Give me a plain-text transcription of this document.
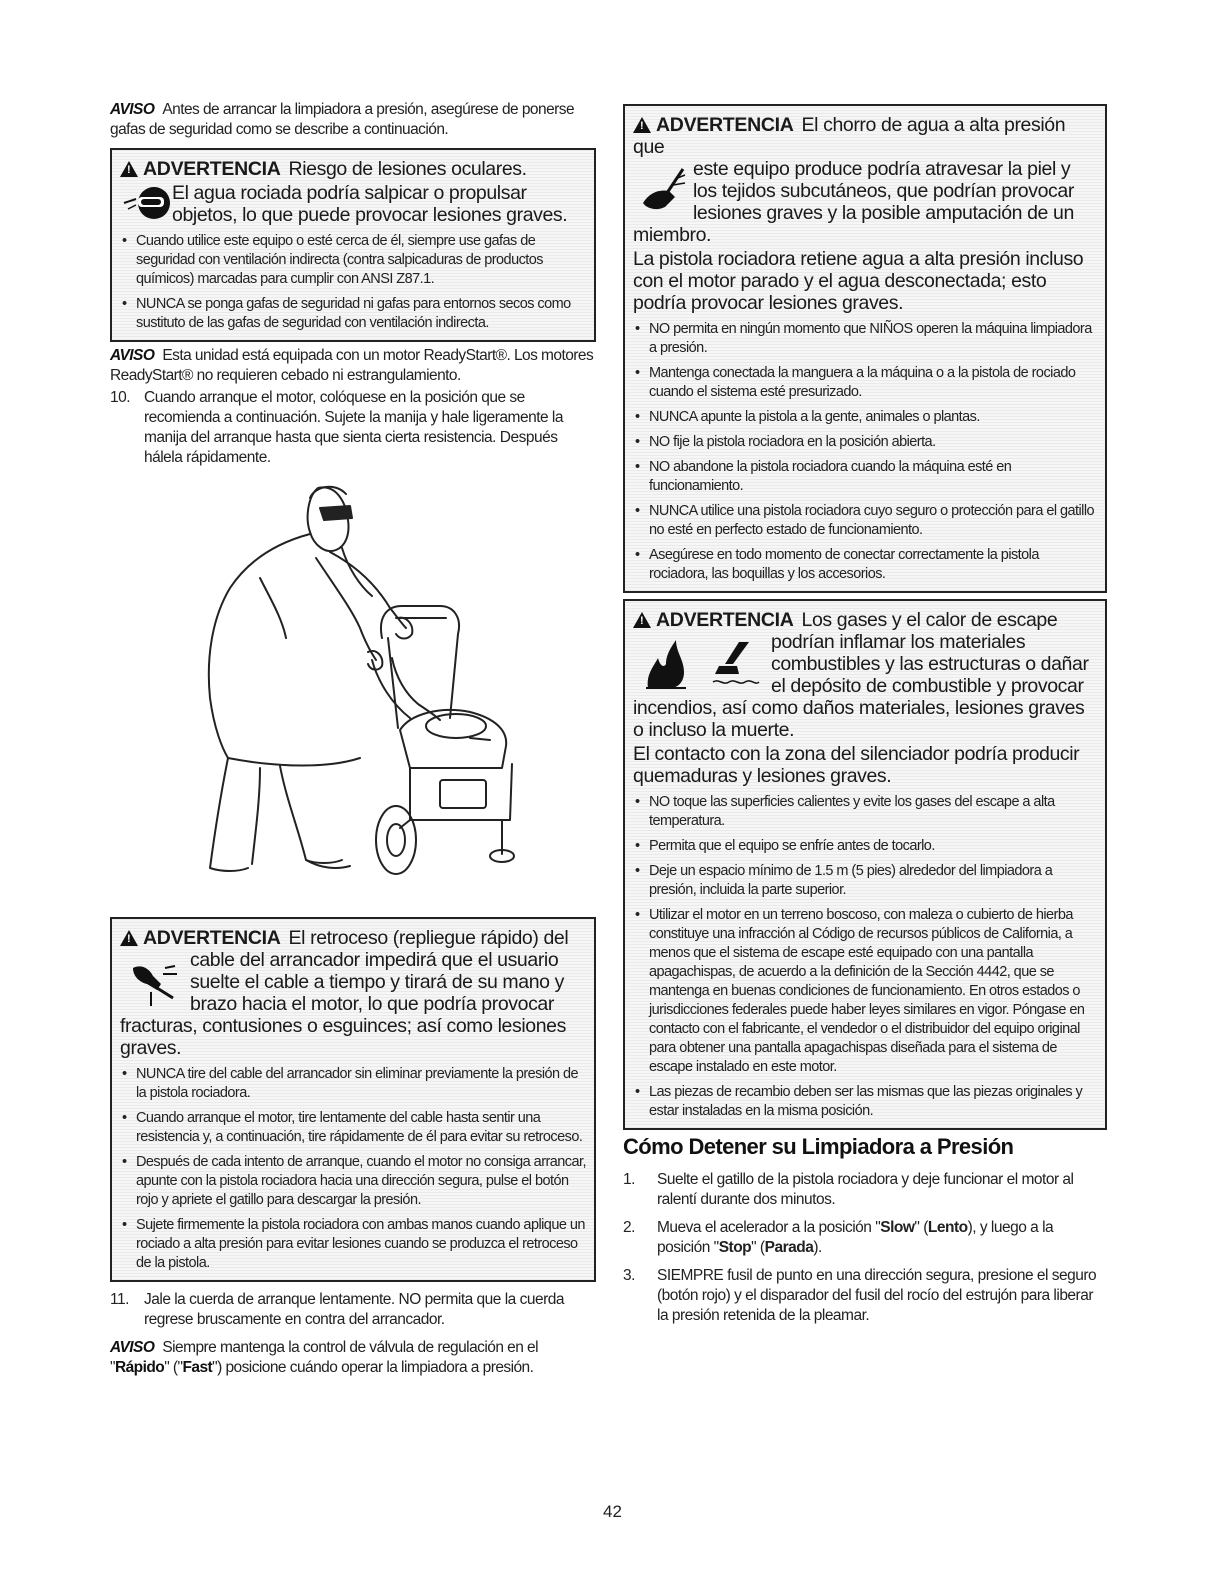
AVISO Antes de arrancar la limpiadora a presión, asegúrese de ponerse gafas de seguridad como se describe a continuación.

!ADVERTENCIA Riesgo de lesiones oculares.
El agua rociada podría salpicar o propulsar
objetos, lo que puede provocar lesiones graves.
• Cuando utilice este equipo o esté cerca de él, siempre use gafas de seguridad con ventilación indirecta (contra salpicaduras de productos químicos) marcadas para cumplir con ANSI Z87.1.
• NUNCA se ponga gafas de seguridad ni gafas para entornos secos como sustituto de las gafas de seguridad con ventilación indirecta.

AVISO Esta unidad está equipada con un motor ReadyStart®. Los motores ReadyStart® no requieren cebado ni estrangulamiento.

10. Cuando arranque el motor, colóquese en la posición que se recomienda a continuación. Sujete la manija y hale ligeramente la manija del arranque hasta que sienta cierta resistencia. Después hálela rápidamente.
!ADVERTENCIA El retroceso (repliegue rápido) del
cable del arrancador impedirá que el usuario
suelte el cable a tiempo y tirará de su mano y
brazo hacia el motor, lo que podría provocar
fracturas, contusiones o esguinces; así como lesiones graves.
• NUNCA tire del cable del arrancador sin eliminar previamente la presión de la pistola rociadora.
• Cuando arranque el motor, tire lentamente del cable hasta sentir una resistencia y, a continuación, tire rápidamente de él para evitar su retroceso.
• Después de cada intento de arranque, cuando el motor no consiga arrancar, apunte con la pistola rociadora hacia una dirección segura, pulse el botón rojo y apriete el gatillo para descargar la presión.
• Sujete firmemente la pistola rociadora con ambas manos cuando aplique un rociado a alta presión para evitar lesiones cuando se produzca el retroceso de la pistola.
11. Jale la cuerda de arranque lentamente. NO permita que la cuerda regrese bruscamente en contra del arrancador.

AVISO Siempre mantenga la control de válvula de regulación en el "Rápido" ("Fast") posicione cuándo operar la limpiadora a presión.

!ADVERTENCIA El chorro de agua a alta presión que
este equipo produce podría atravesar la piel y
los tejidos subcutáneos, que podrían provocar
lesiones graves y la posible amputación de un
miembro.
La pistola rociadora retiene agua a alta presión incluso con el motor parado y el agua desconectada; esto podría provocar lesiones graves.
• NO permita en ningún momento que NIÑOS operen la máquina limpiadora a presión.
• Mantenga conectada la manguera a la máquina o a la pistola de rociado cuando el sistema esté presurizado.
• NUNCA apunte la pistola a la gente, animales o plantas.
• NO fije la pistola rociadora en la posición abierta.
• NO abandone la pistola rociadora cuando la máquina esté en funcionamiento.
• NUNCA utilice una pistola rociadora cuyo seguro o protección para el gatillo no esté en perfecto estado de funcionamiento.
• Asegúrese en todo momento de conectar correctamente la pistola rociadora, las boquillas y los accesorios.
!ADVERTENCIA Los gases y el calor de escape
podrían inflamar los materiales
combustibles y las estructuras o dañar
el depósito de combustible y provocar
incendios, así como daños materiales, lesiones graves o incluso la muerte.
El contacto con la zona del silenciador podría producir quemaduras y lesiones graves.
• NO toque las superficies calientes y evite los gases del escape a alta temperatura.
• Permita que el equipo se enfríe antes de tocarlo.
• Deje un espacio mínimo de 1.5 m (5 pies) alrededor del limpiadora a presión, incluida la parte superior.
• Utilizar el motor en un terreno boscoso, con maleza o cubierto de hierba constituye una infracción al Código de recursos públicos de California, a menos que el sistema de escape esté equipado con una pantalla apagachispas, de acuerdo a la definición de la Sección 4442, que se mantenga en buenas condiciones de funcionamiento. En otros estados o jurisdicciones federales puede haber leyes similares en vigor. Póngase en contacto con el fabricante, el vendedor o el distribuidor del equipo original para obtener una pantalla apagachispas diseñada para el sistema de escape instalado en este motor.
• Las piezas de recambio deben ser las mismas que las piezas originales y estar instaladas en la misma posición.
Cómo Detener su Limpiadora a Presión
1.	Suelte el gatillo de la pistola rociadora y deje funcionar el motor al ralentí durante dos minutos.
2.	Mueva el acelerador a la posición "Slow" (Lento), y luego a la posición "Stop" (Parada).
3.	SIEMPRE fusil de punto en una dirección segura, presione el seguro (botón rojo) y el disparador del fusil del rocío del estrujón para liberar la presión retenida de la pleamar.
42
